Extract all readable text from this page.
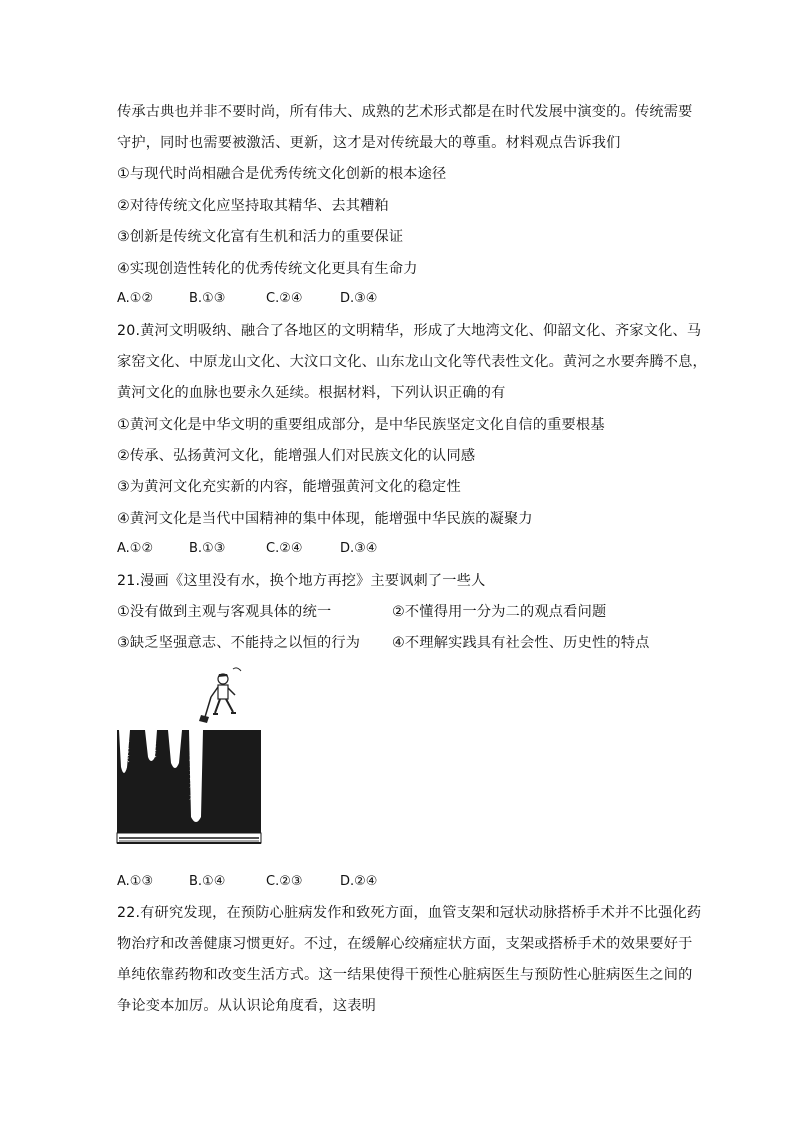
传承古典也并非不要时尚，所有伟大、成熟的艺术形式都是在时代发展中演变的。传统需要
守护，同时也需要被激活、更新，这才是对传统最大的尊重。材料观点告诉我们
①与现代时尚相融合是优秀传统文化创新的根本途径
②对待传统文化应坚持取其精华、去其糟粕
③创新是传统文化富有生机和活力的重要保证
④实现创造性转化的优秀传统文化更具有生命力
A.①②	B.①③	C.②④	D.③④
20.黄河文明吸纳、融合了各地区的文明精华，形成了大地湾文化、仰韶文化、齐家文化、马
家窑文化、中原龙山文化、大汶口文化、山东龙山文化等代表性文化。黄河之水要奔腾不息，
黄河文化的血脉也要永久延续。根据材料，下列认识正确的有
①黄河文化是中华文明的重要组成部分，是中华民族坚定文化自信的重要根基
②传承、弘扬黄河文化，能增强人们对民族文化的认同感
③为黄河文化充实新的内容，能增强黄河文化的稳定性
④黄河文化是当代中国精神的集中体现，能增强中华民族的凝聚力
A.①②	B.①③	C.②④	D.③④
21.漫画《这里没有水，换个地方再挖》主要讽刺了一些人
①没有做到主观与客观具体的统一	②不懂得用一分为二的观点看问题
③缺乏坚强意志、不能持之以恒的行为 ④不理解实践具有社会性、历史性的特点
这里没水	这里没水 这里没水 这里还是没有水
A.①③	B.①④	C.②③	D.②④
22.有研究发现，在预防心脏病发作和致死方面，血管支架和冠状动脉搭桥手术并不比强化药
物治疗和改善健康习惯更好。不过，在缓解心绞痛症状方面，支架或搭桥手术的效果要好于
单纯依靠药物和改变生活方式。这一结果使得干预性心脏病医生与预防性心脏病医生之间的
争论变本加厉。从认识论角度看，这表明
